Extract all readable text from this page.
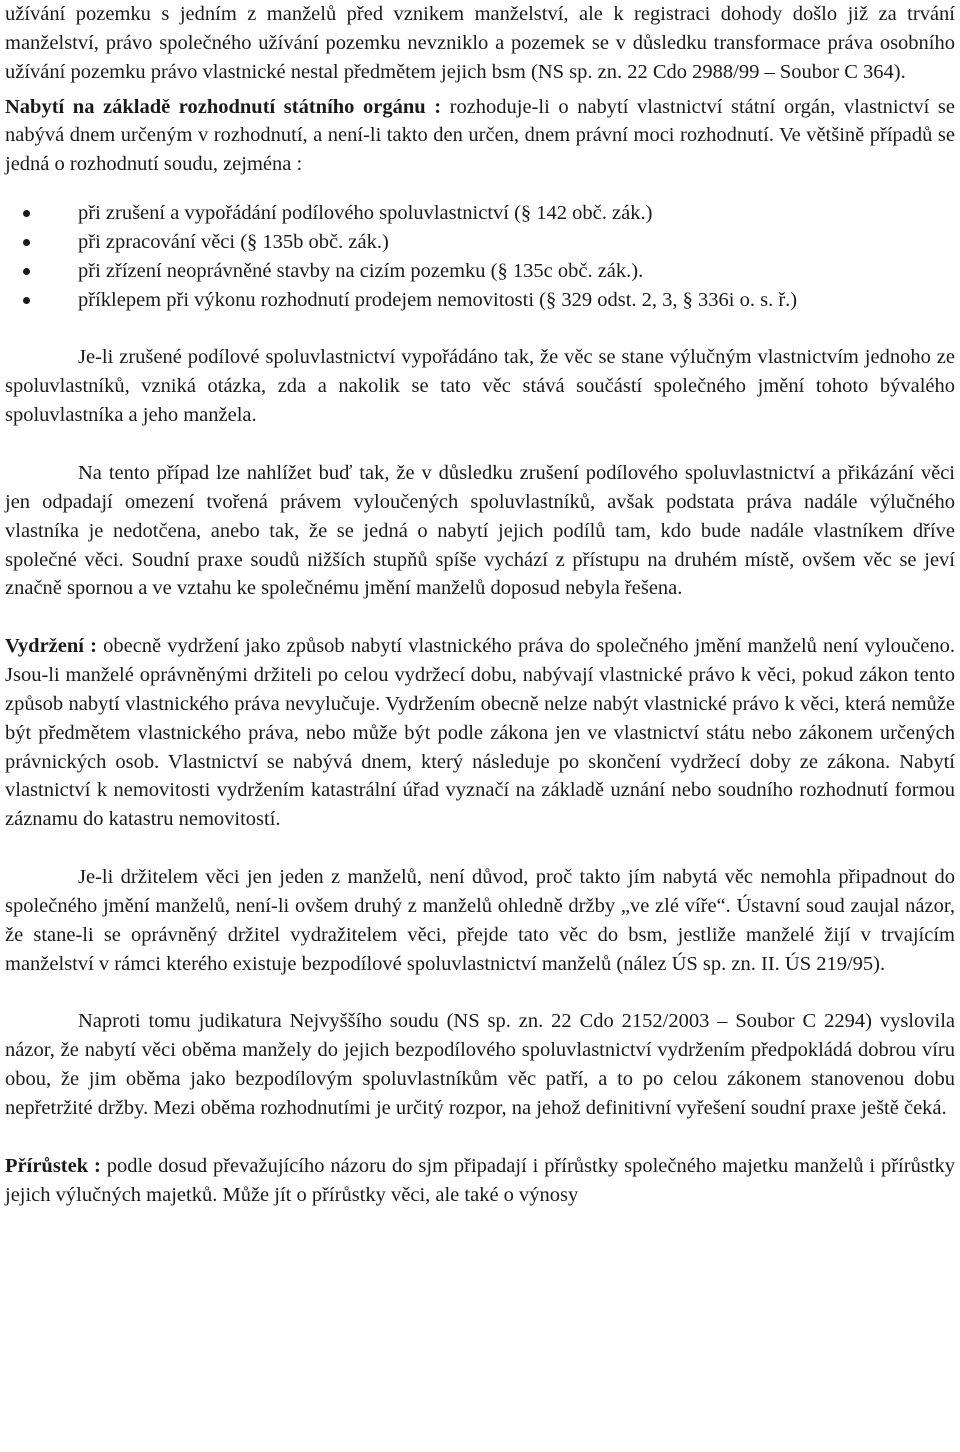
užívání pozemku s jedním z manželů před vznikem manželství, ale k registraci dohody došlo již za trvání manželství, právo společného užívání pozemku nevzniklo a pozemek se v důsledku transformace práva osobního užívání pozemku právo vlastnické nestal předmětem jejich bsm (NS sp. zn. 22 Cdo 2988/99 – Soubor C 364).

Nabytí na základě rozhodnutí státního orgánu : rozhoduje-li o nabytí vlastnictví státní orgán, vlastnictví se nabývá dnem určeným v rozhodnutí, a není-li takto den určen, dnem právní moci rozhodnutí. Ve většině případů se jedná o rozhodnutí soudu, zejména :

při zrušení a vypořádání podílového spoluvlastnictví (§ 142 obč. zák.)
při zpracování věci (§ 135b obč. zák.)
při zřízení neoprávněné stavby na cizím pozemku (§ 135c obč. zák.).
příklepem při výkonu rozhodnutí prodejem nemovitosti (§ 329 odst. 2, 3, § 336i o. s. ř.)

Je-li zrušené podílové spoluvlastnictví vypořádáno tak, že věc se stane výlučným vlastnictvím jednoho ze spoluvlastníků, vzniká otázka, zda a nakolik se tato věc stává součástí společného jmění tohoto bývalého spoluvlastníka a jeho manžela.

Na tento případ lze nahlížet buď tak, že v důsledku zrušení podílového spoluvlastnictví a přikázání věci jen odpadají omezení tvořená právem vyloučených spoluvlastníků, avšak podstata práva nadále výlučného vlastníka je nedotčena, anebo tak, že se jedná o nabytí jejich podílů tam, kdo bude nadále vlastníkem dříve společné věci. Soudní praxe soudů nižších stupňů spíše vychází z přístupu na druhém místě, ovšem věc se jeví značně spornou a ve vztahu ke společnému jmění manželů doposud nebyla řešena.

Vydržení : obecně vydržení jako způsob nabytí vlastnického práva do společného jmění manželů není vyloučeno. Jsou-li manželé oprávněnými držiteli po celou vydržecí dobu, nabývají vlastnické právo k věci, pokud zákon tento způsob nabytí vlastnického práva nevylučuje. Vydržením obecně nelze nabýt vlastnické právo k věci, která nemůže být předmětem vlastnického práva, nebo může být podle zákona jen ve vlastnictví státu nebo zákonem určených právnických osob. Vlastnictví se nabývá dnem, který následuje po skončení vydržecí doby ze zákona. Nabytí vlastnictví k nemovitosti vydržením katastrální úřad vyznačí na základě uznání nebo soudního rozhodnutí formou záznamu do katastru nemovitostí.

Je-li držitelem věci jen jeden z manželů, není důvod, proč takto jím nabytá věc nemohla připadnout do společného jmění manželů, není-li ovšem druhý z manželů ohledně držby „ve zlé víře“. Ústavní soud zaujal názor, že stane-li se oprávněný držitel vydražitelem věci, přejde tato věc do bsm, jestliže manželé žijí v trvajícím manželství v rámci kterého existuje bezpodílové spoluvlastnictví manželů (nález ÚS sp. zn. II. ÚS 219/95).

Naproti tomu judikatura Nejvyššího soudu (NS sp. zn. 22 Cdo 2152/2003 – Soubor C 2294) vyslovila názor, že nabytí věci oběma manžely do jejich bezpodílového spoluvlastnictví vydržením předpokládá dobrou víru obou, že jim oběma jako bezpodílovým spoluvlastníkům věc patří, a to po celou zákonem stanovenou dobu nepřetržité držby. Mezi oběma rozhodnutími je určitý rozpor, na jehož definitivní vyřešení soudní praxe ještě čeká.

Přírůstek : podle dosud převažujícího názoru do sjm připadají i přírůstky společného majetku manželů i přírůstky jejich výlučných majetků. Může jít o přírůstky věci, ale také o výnosy
